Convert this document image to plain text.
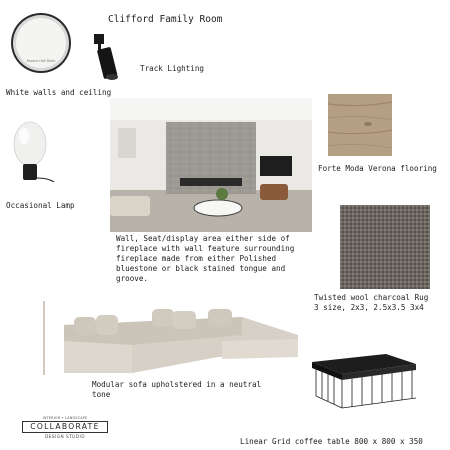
Clifford Family Room
Resene Half Black
White walls and ceiling
Track Lighting
Occasional Lamp
Wall, Seat/display area either side of
fireplace with wall feature surrounding
fireplace made from either Polished
bluestone or black stained tongue and
groove.
Forte Moda Verona flooring
Twisted wool charcoal Rug
3 size, 2x3, 2.5x3.5 3x4
Modular sofa upholstered in a neutral
tone
Linear Grid coffee table 800 x 800 x 350
INTERIOR • LANDSCAPE
COLLABORATE
DESIGN STUDIO
